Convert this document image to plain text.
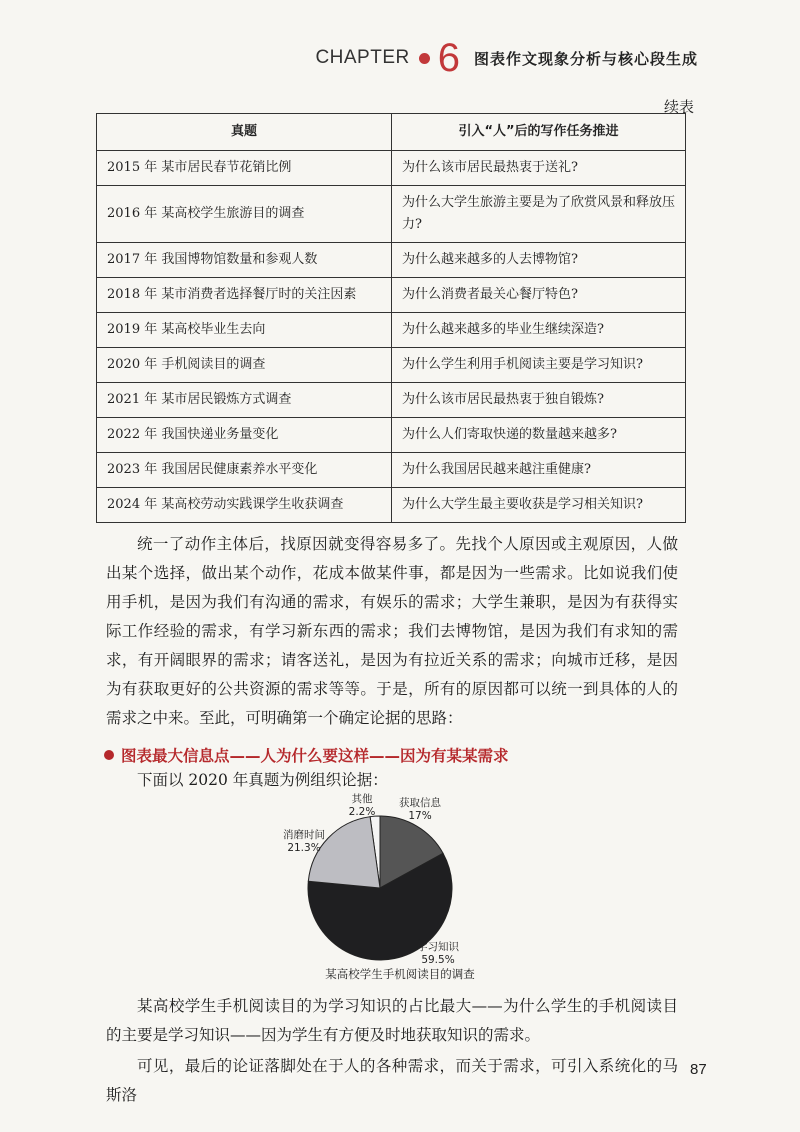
CHAPTER 6 图表作文现象分析与核心段生成
续表
真题	引入“人”后的写作任务推进
2015 年 某市居民春节花销比例	为什么该市居民最热衷于送礼?
2016 年 某高校学生旅游目的调查	为什么大学生旅游主要是为了欣赏风景和释放压力?
2017 年 我国博物馆数量和参观人数	为什么越来越多的人去博物馆?
2018 年 某市消费者选择餐厅时的关注因素	为什么消费者最关心餐厅特色?
2019 年 某高校毕业生去向	为什么越来越多的毕业生继续深造?
2020 年 手机阅读目的调查	为什么学生利用手机阅读主要是学习知识?
2021 年 某市居民锻炼方式调查	为什么该市居民最热衷于独自锻炼?
2022 年 我国快递业务量变化	为什么人们寄取快递的数量越来越多?
2023 年 我国居民健康素养水平变化	为什么我国居民越来越注重健康?
2024 年 某高校劳动实践课学生收获调查	为什么大学生最主要收获是学习相关知识?

统一了动作主体后，找原因就变得容易多了。先找个人原因或主观原因，人做出某个选择，做出某个动作，花成本做某件事，都是因为一些需求。比如说我们使用手机，是因为我们有沟通的需求，有娱乐的需求；大学生兼职，是因为有获得实际工作经验的需求，有学习新东西的需求；我们去博物馆，是因为我们有求知的需求，有开阔眼界的需求；请客送礼，是因为有拉近关系的需求；向城市迁移，是因为有获取更好的公共资源的需求等等。于是，所有的原因都可以统一到具体的人的需求之中来。至此，可明确第一个确定论据的思路：

图表最大信息点——人为什么要这样——因为有某某需求

下面以 2020 年真题为例组织论据：

获取信息
17%
学习知识
59.5%
消磨时间
21.3%
其他
2.2%
某高校学生手机阅读目的调查

某高校学生手机阅读目的为学习知识的占比最大——为什么学生的手机阅读目的主要是学习知识——因为学生有方便及时地获取知识的需求。

可见，最后的论证落脚处在于人的各种需求，而关于需求，可引入系统化的马斯洛

87
